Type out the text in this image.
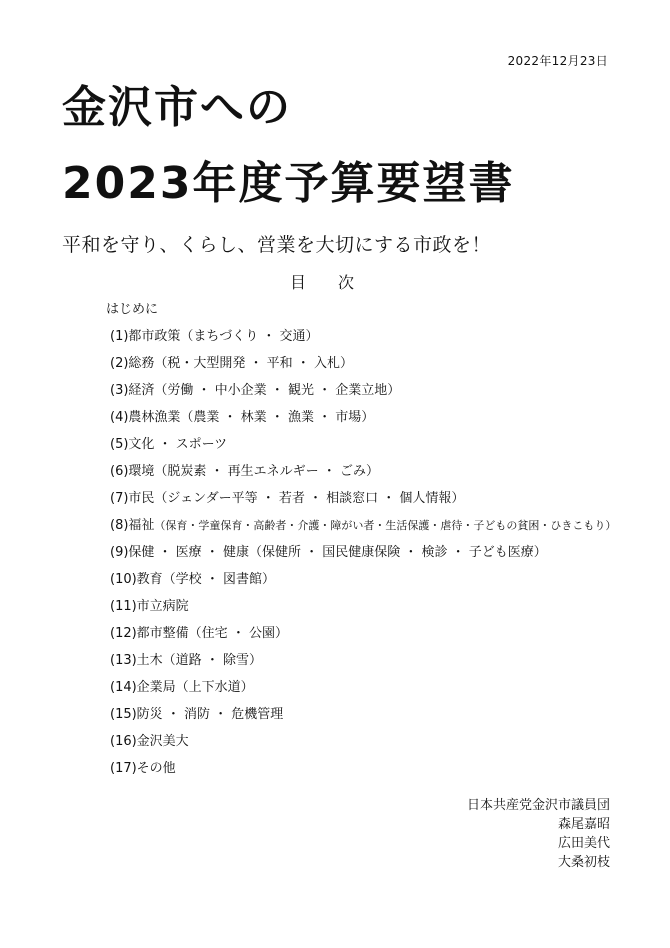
2022年12月23日
金沢市への
2023年度予算要望書
平和を守り、くらし、営業を大切にする市政を！
目　　次
はじめに
(1)都市政策（まちづくり ・ 交通）
(2)総務（税・大型開発 ・ 平和 ・ 入札）
(3)経済（労働 ・ 中小企業 ・ 観光 ・ 企業立地）
(4)農林漁業（農業 ・ 林業 ・ 漁業 ・ 市場）
(5)文化 ・ スポーツ
(6)環境（脱炭素 ・ 再生エネルギー ・ ごみ）
(7)市民（ジェンダー平等 ・ 若者 ・ 相談窓口 ・ 個人情報）
(8)福祉（保育・学童保育・高齢者・介護・障がい者・生活保護・虐待・子どもの貧困・ひきこもり）
(9)保健 ・ 医療 ・ 健康（保健所 ・ 国民健康保険 ・ 検診 ・ 子ども医療）
(10)教育（学校 ・ 図書館）
(11)市立病院
(12)都市整備（住宅 ・ 公園）
(13)土木（道路 ・ 除雪）
(14)企業局（上下水道）
(15)防災 ・ 消防 ・ 危機管理
(16)金沢美大
(17)その他
日本共産党金沢市議員団
森尾嘉昭
広田美代
大桑初枝
